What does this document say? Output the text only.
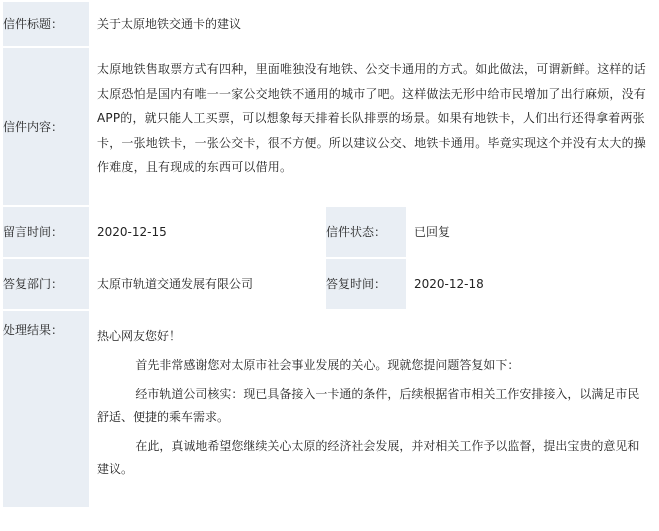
信件标题：	关于太原地铁交通卡的建议		

信件内容：	太原地铁售取票方式有四种，里面唯独没有地铁、公交卡通用的方式。如此做法，可谓新鲜。这样的话太原恐怕是国内有唯一一家公交地铁不通用的城市了吧。这样做法无形中给市民增加了出行麻烦，没有APP的，就只能人工买票，可以想象每天排着长队排票的场景。如果有地铁卡，人们出行还得拿着两张卡，一张地铁卡，一张公交卡，很不方便。所以建议公交、地铁卡通用。毕竟实现这个并没有太大的操作难度，且有现成的东西可以借用。		

留言时间：	2020-12-15	信件状态：	已回复

答复部门：	太原市轨道交通发展有限公司	答复时间：	2020-12-18

处理结果：	热心网友您好！

首先非常感谢您对太原市社会事业发展的关心。现就您提问题答复如下：

经市轨道公司核实：现已具备接入一卡通的条件，后续根据省市相关工作安排接入，以满足市民舒适、便捷的乘车需求。

在此，真诚地希望您继续关心太原的经济社会发展，并对相关工作予以监督，提出宝贵的意见和建议。		
